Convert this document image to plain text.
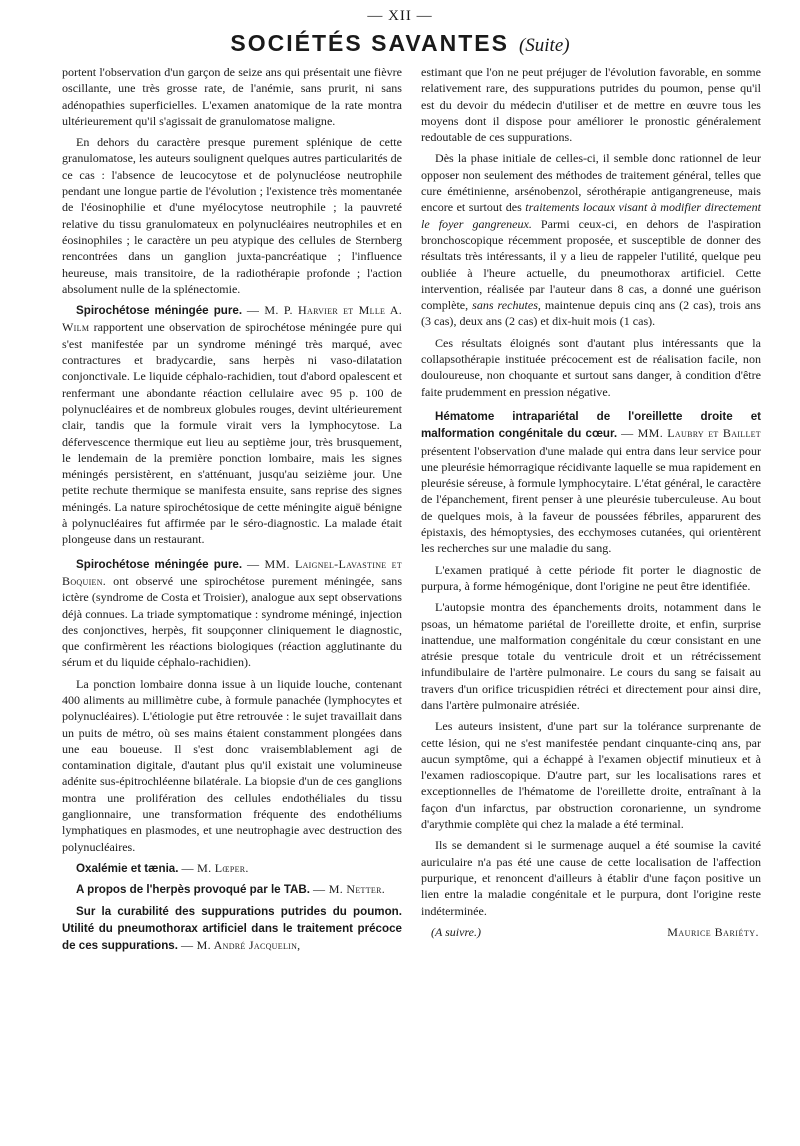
— XII —
SOCIÉTÉS SAVANTES (Suite)

portent l'observation d'un garçon de seize ans qui présentait une fièvre oscillante, une très grosse rate, de l'anémie, sans prurit, ni sans adénopathies superficielles. L'examen anatomique de la rate montra ultérieurement qu'il s'agissait de granulomatose maligne.

En dehors du caractère presque purement splénique de cette granulomatose, les auteurs soulignent quelques autres particularités de ce cas : l'absence de leucocytose et de polynucléose neutrophile pendant une longue partie de l'évolution ; l'existence très momentanée de l'éosinophilie et d'une myélocytose neutrophile ; la pauvreté relative du tissu granulomateux en polynucléaires neutrophiles et en éosinophiles ; le caractère un peu atypique des cellules de Sternberg rencontrées dans un ganglion juxta-pancréatique ; l'influence heureuse, mais transitoire, de la radiothérapie profonde ; l'action absolument nulle de la splénectomie.

Spirochétose méningée pure. — M. P. Harvier et Mlle A. Wilm rapportent une observation de spirochétose méningée pure qui s'est manifestée par un syndrome méningé très marqué, avec contractures et bradycardie, sans herpès ni vaso-dilatation conjonctivale. Le liquide céphalo-rachidien, tout d'abord opalescent et renfermant une abondante réaction cellulaire avec 95 p. 100 de polynucléaires et de nombreux globules rouges, devint ultérieurement clair, tandis que la formule virait vers la lymphocytose. La défervescence thermique eut lieu au septième jour, très brusquement, le lendemain de la première ponction lombaire, mais les signes méningés persistèrent, en s'atténuant, jusqu'au seizième jour. Une petite rechute thermique se manifesta ensuite, sans reprise des signes méningés. La nature spirochétosique de cette méningite aiguë bénigne à polynucléaires fut affirmée par le séro-diagnostic. La malade était plongeuse dans un restaurant.

Spirochétose méningée pure. — MM. Laignel-Lavastine et Boquien. ont observé une spirochétose purement méningée, sans ictère (syndrome de Costa et Troisier), analogue aux sept observations déjà connues. La triade symptomatique : syndrome méningé, injection des conjonctives, herpès, fit soupçonner cliniquement le diagnostic, que confirmèrent les réactions biologiques (réaction agglutinante du sérum et du liquide céphalo-rachidien).

La ponction lombaire donna issue à un liquide louche, contenant 400 aliments au millimètre cube, à formule panachée (lymphocytes et polynucléaires). L'étiologie put être retrouvée : le sujet travaillait dans un puits de métro, où ses mains étaient constamment plongées dans une eau boueuse. Il s'est donc vraisemblablement agi de contamination digitale, d'autant plus qu'il existait une volumineuse adénite sus-épitrochléenne bilatérale. La biopsie d'un de ces ganglions montra une prolifération des cellules endothéliales du tissu ganglionnaire, une transformation fréquente des endothéliums lymphatiques en plasmodes, et une neutrophagie avec destruction des polynucléaires.

Oxalémie et tænia. — M. Lœper.

A propos de l'herpès provoqué par le TAB. — M. Netter.

Sur la curabilité des suppurations putrides du poumon. Utilité du pneumothorax artificiel dans le traitement précoce de ces suppurations. — M. André Jacquelin,

estimant que l'on ne peut préjuger de l'évolution favorable, en somme relativement rare, des suppurations putrides du poumon, pense qu'il est du devoir du médecin d'utiliser et de mettre en œuvre tous les moyens dont il dispose pour améliorer le pronostic généralement redoutable de ces suppurations.

Dès la phase initiale de celles-ci, il semble donc rationnel de leur opposer non seulement des méthodes de traitement général, telles que cure émétinienne, arsénobenzol, sérothérapie antigangreneuse, mais encore et surtout des traitements locaux visant à modifier directement le foyer gangreneux. Parmi ceux-ci, en dehors de l'aspiration bronchoscopique récemment proposée, et susceptible de donner des résultats très intéressants, il y a lieu de rappeler l'utilité, quelque peu oubliée à l'heure actuelle, du pneumothorax artificiel. Cette intervention, réalisée par l'auteur dans 8 cas, a donné une guérison complète, sans rechutes, maintenue depuis cinq ans (2 cas), trois ans (3 cas), deux ans (2 cas) et dix-huit mois (1 cas).

Ces résultats éloignés sont d'autant plus intéressants que la collapsothérapie instituée précocement est de réalisation facile, non douloureuse, non choquante et surtout sans danger, à condition d'être faite prudemment en pression négative.

Hématome intrapariétal de l'oreillette droite et malformation congénitale du cœur. — MM. Laubry et Baillet présentent l'observation d'une malade qui entra dans leur service pour une pleurésie hémorragique récidivante laquelle se mua rapidement en pleurésie séreuse, à formule lymphocytaire. L'état général, le caractère de l'épanchement, firent penser à une pleurésie tuberculeuse. Au bout de quelques mois, à la faveur de poussées fébriles, apparurent des épistaxis, des hémoptysies, des ecchymoses cutanées, qui orientèrent les recherches sur une maladie du sang.

L'examen pratiqué à cette période fit porter le diagnostic de purpura, à forme hémogénique, dont l'origine ne peut être identifiée.

L'autopsie montra des épanchements droits, notamment dans le psoas, un hématome pariétal de l'oreillette droite, et enfin, surprise inattendue, une malformation congénitale du cœur consistant en une atrésie presque totale du ventricule droit et un rétrécissement infundibulaire de l'artère pulmonaire. Le cours du sang se faisait au travers d'un orifice tricuspidien rétréci et directement pour ainsi dire, dans l'artère pulmonaire atrésiée.

Les auteurs insistent, d'une part sur la tolérance surprenante de cette lésion, qui ne s'est manifestée pendant cinquante-cinq ans, par aucun symptôme, qui a échappé à l'examen objectif minutieux et à l'examen radioscopique. D'autre part, sur les localisations rares et exceptionnelles de l'hématome de l'oreillette droite, entraînant à la façon d'un infarctus, par obstruction coronarienne, un syndrome d'arythmie complète qui chez la malade a été terminal.

Ils se demandent si le surmenage auquel a été soumise la cavité auriculaire n'a pas été une cause de cette localisation de l'affection purpurique, et renoncent d'ailleurs à établir d'une façon positive un lien entre la maladie congénitale et le purpura, dont l'origine reste indéterminée.

(A suivre.)	Maurice Bariéty.
